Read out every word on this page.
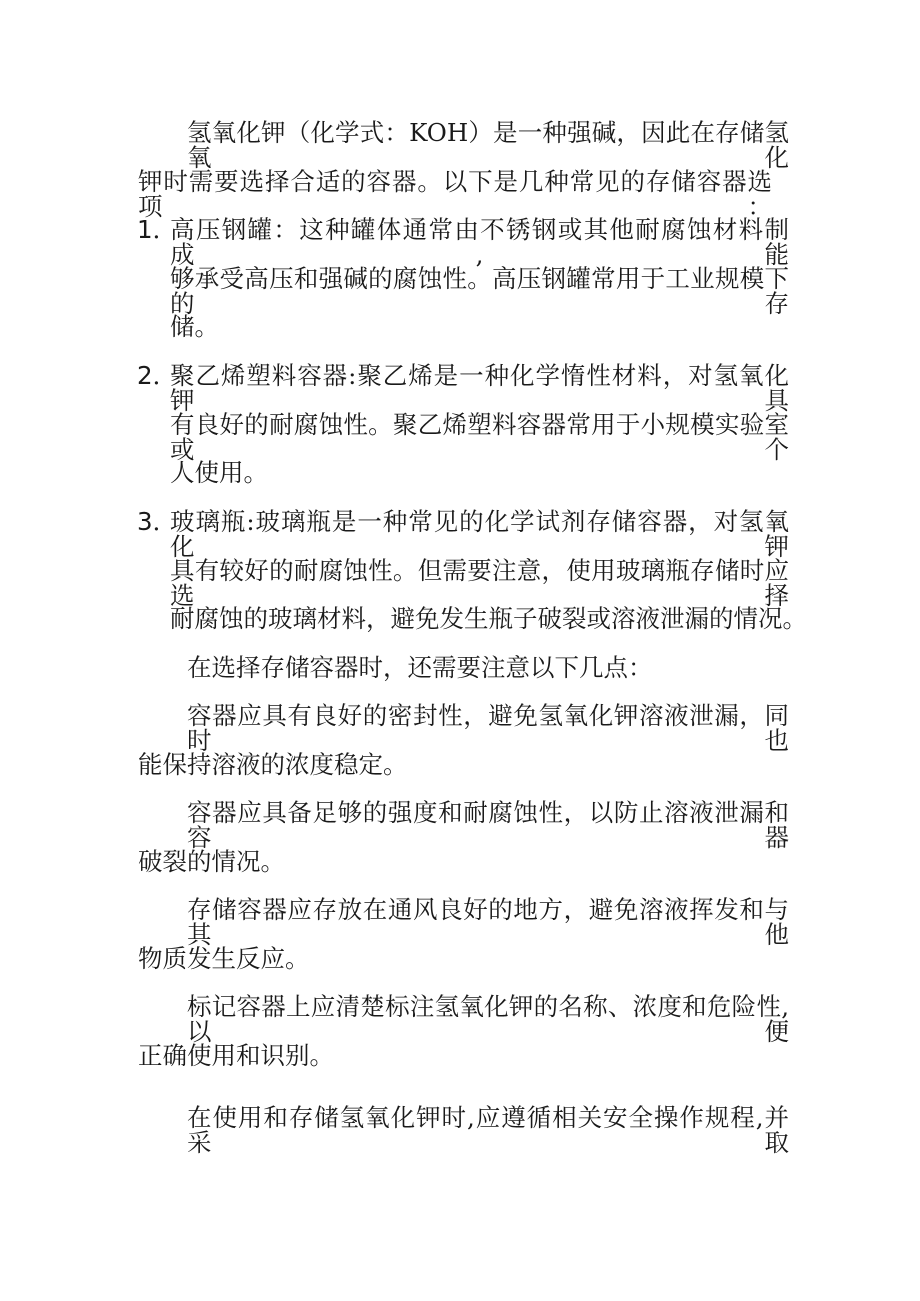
氢氧化钾（化学式：KOH）是一种强碱，因此在存储氢氧化
钾时需要选择合适的容器。以下是几种常见的存储容器选项：
1．
高压钢罐：这种罐体通常由不锈钢或其他耐腐蚀材料制成,能
够承受高压和强碱的腐蚀性。高压钢罐常用于工业规模下的存
储。
2．
聚乙烯塑料容器:聚乙烯是一种化学惰性材料，对氢氧化钾具
有良好的耐腐蚀性。聚乙烯塑料容器常用于小规模实验室或个
人使用。
3．
玻璃瓶:玻璃瓶是一种常见的化学试剂存储容器，对氢氧化钾
具有较好的耐腐蚀性。但需要注意，使用玻璃瓶存储时应选择
耐腐蚀的玻璃材料，避免发生瓶子破裂或溶液泄漏的情况。
在选择存储容器时，还需要注意以下几点：
容器应具有良好的密封性，避免氢氧化钾溶液泄漏，同时也
能保持溶液的浓度稳定。
容器应具备足够的强度和耐腐蚀性，以防止溶液泄漏和容器
破裂的情况。
存储容器应存放在通风良好的地方，避免溶液挥发和与其他
物质发生反应。
标记容器上应清楚标注氢氧化钾的名称、浓度和危险性,以便
正确使用和识别。
在使用和存储氢氧化钾时,应遵循相关安全操作规程,并采取
